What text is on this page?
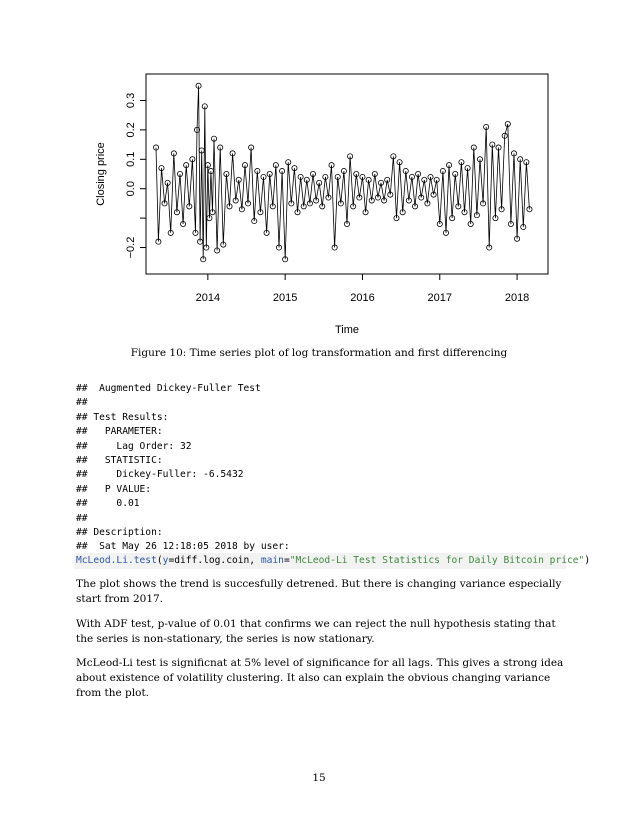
2014	2015	2016	2017	2018
−0.2
0.0
0.1
0.2
0.3
Time
Closing price
Figure 10: Time series plot of log transformation and first differencing
##  Augmented Dickey-Fuller Test
##
## Test Results:
##   PARAMETER:
##     Lag Order: 32
##   STATISTIC:
##     Dickey-Fuller: -6.5432
##   P VALUE:
##     0.01
##
## Description:
##  Sat May 26 12:18:05 2018 by user:
McLeod.Li.test(y=diff.log.coin, main="McLeod-Li Test Statistics for Daily Bitcoin price")

The plot shows the trend is succesfully detrened. But there is changing variance especially start from 2017.

With ADF test, p-value of 0.01 that confirms we can reject the null hypothesis stating that the series is non-stationary, the series is now stationary.

McLeod-Li test is significnat at 5% level of significance for all lags. This gives a strong idea about existence of volatility clustering. It also can explain the obvious changing variance from the plot.

15
